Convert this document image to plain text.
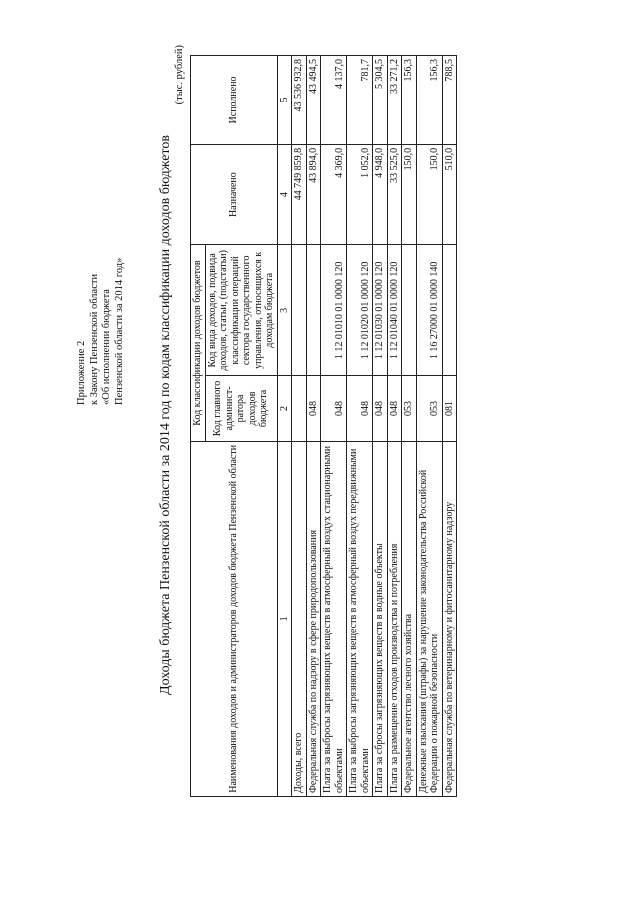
Приложение 2 к Закону Пензенской области «Об исполнении бюджета Пензенской области за 2014 год» Доходы бюджета Пензенской области за 2014 год по кодам классификации доходов бюджетов
(тыс. рублей)
Наименования доходов и администраторов доходов бюджета Пензенской области	Код классификации доходов бюджетов		Назначено	Исполнено
	Код главного админист-ратора доходов бюджета	Код вида доходов, подвида доходов, статьи, (подстатьи) классификации операций сектора государственного управления, относящихся к доходам бюджета		
1	2	3	4	5
Доходы, всего			44 749 859,8	43 536 932,8
Федеральная служба по надзору в сфере природопользования	048		43 894,0	43 494,5
Плата за выбросы загрязняющих веществ в атмосферный воздух стационарными объектами	048	1 12 01010 01 0000 120	4 369,0	4 137,0
Плата за выбросы загрязняющих веществ в атмосферный воздух передвижными объектами	048	1 12 01020 01 0000 120	1 052,0	781,7
Плата за сбросы загрязняющих веществ в водные объекты	048	1 12 01030 01 0000 120	4 948,0	5 304,5
Плата за размещение отходов производства и потребления	048	1 12 01040 01 0000 120	33 525,0	33 271,2
Федеральное агентство лесного хозяйства	053		150,0	156,3
Денежные взыскания (штрафы) за нарушение законодательства Российской Федерации о пожарной безопасности	053	1 16 27000 01 0000 140	150,0	156,3
Федеральная служба по ветеринарному и фитосанитарному надзору	081		510,0	788,5
